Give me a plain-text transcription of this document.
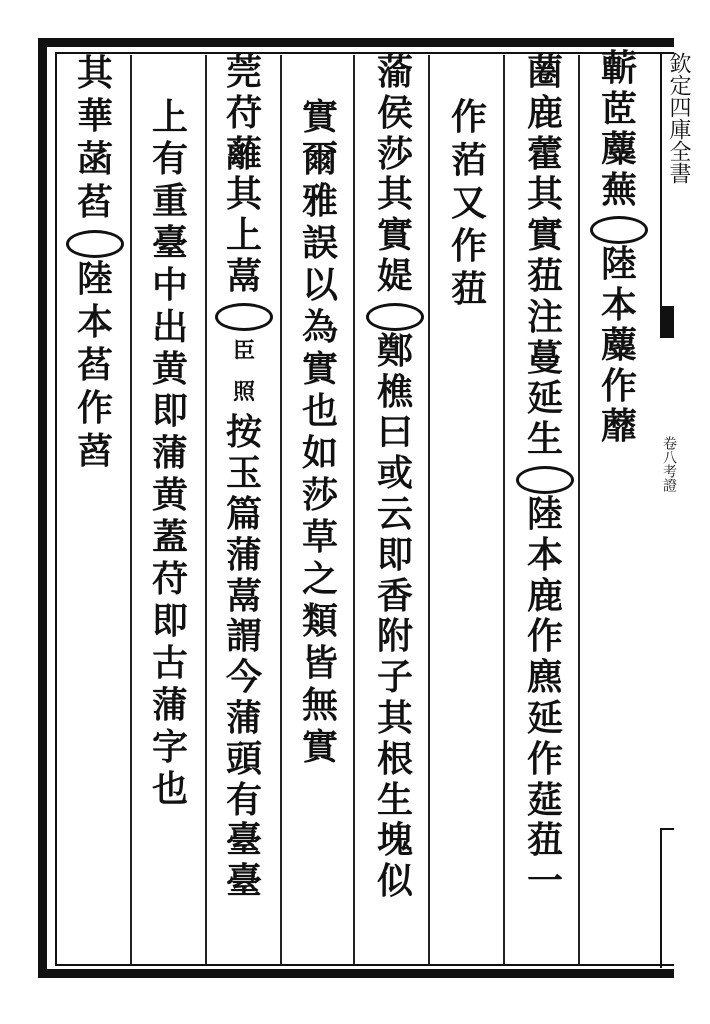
蘄
茝
蘪
蕪
陸
本
蘪
作
蘼
蔨
鹿
藿
其
實
莥
注
蔓
延
生
陸
本
鹿
作
麃
延
作
莚
莥
一
作
萡
又
作
莥
蕍
侯
莎
其
實
媞
鄭
樵
曰
或
云
即
香
附
子
其
根
生
塊
似
實
爾
雅
誤
以
為
實
也
如
莎
草
之
類
皆
無
實
莞
苻
蘺
其
上
蒚
臣
照
按
玉
篇
蒲
蒚
謂
今
蒲
頭
有
臺
臺
上
有
重
臺
中
出
黄
即
蒲
黄
蓋
苻
即
古
蒲
字
也
其
華
菡
萏
陸
本
萏
作
蓞
欽定四庫全書
卷八考證
